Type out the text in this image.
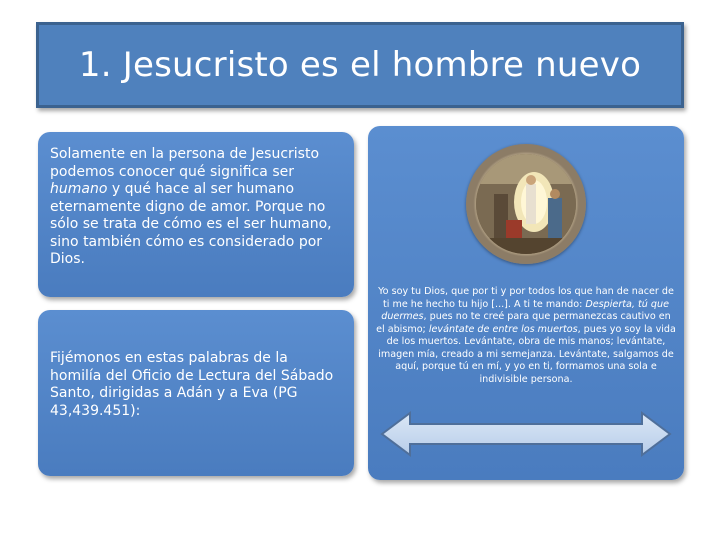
1. Jesucristo es el hombre nuevo

Solamente en la persona de Jesucristo podemos conocer qué significa ser humano y qué hace al ser humano eternamente digno de amor. Porque no sólo se trata de cómo es el ser humano, sino también cómo es considerado por Dios.

Fijémonos en estas palabras de la homilía del Oficio de Lectura del Sábado Santo, dirigidas a Adán y a Eva (PG 43,439.451):

Yo soy tu Dios, que por ti y por todos los que han de nacer de ti me he hecho tu hijo [...]. A ti te mando: Despierta, tú que duermes, pues no te creé para que permanezcas cautivo en el abismo; levántate de entre los muertos, pues yo soy la vida de los muertos. Levántate, obra de mis manos; levántate, imagen mía, creado a mi semejanza. Levántate, salgamos de aquí, porque tú en mí, y yo en ti, formamos una sola e indivisible persona.
